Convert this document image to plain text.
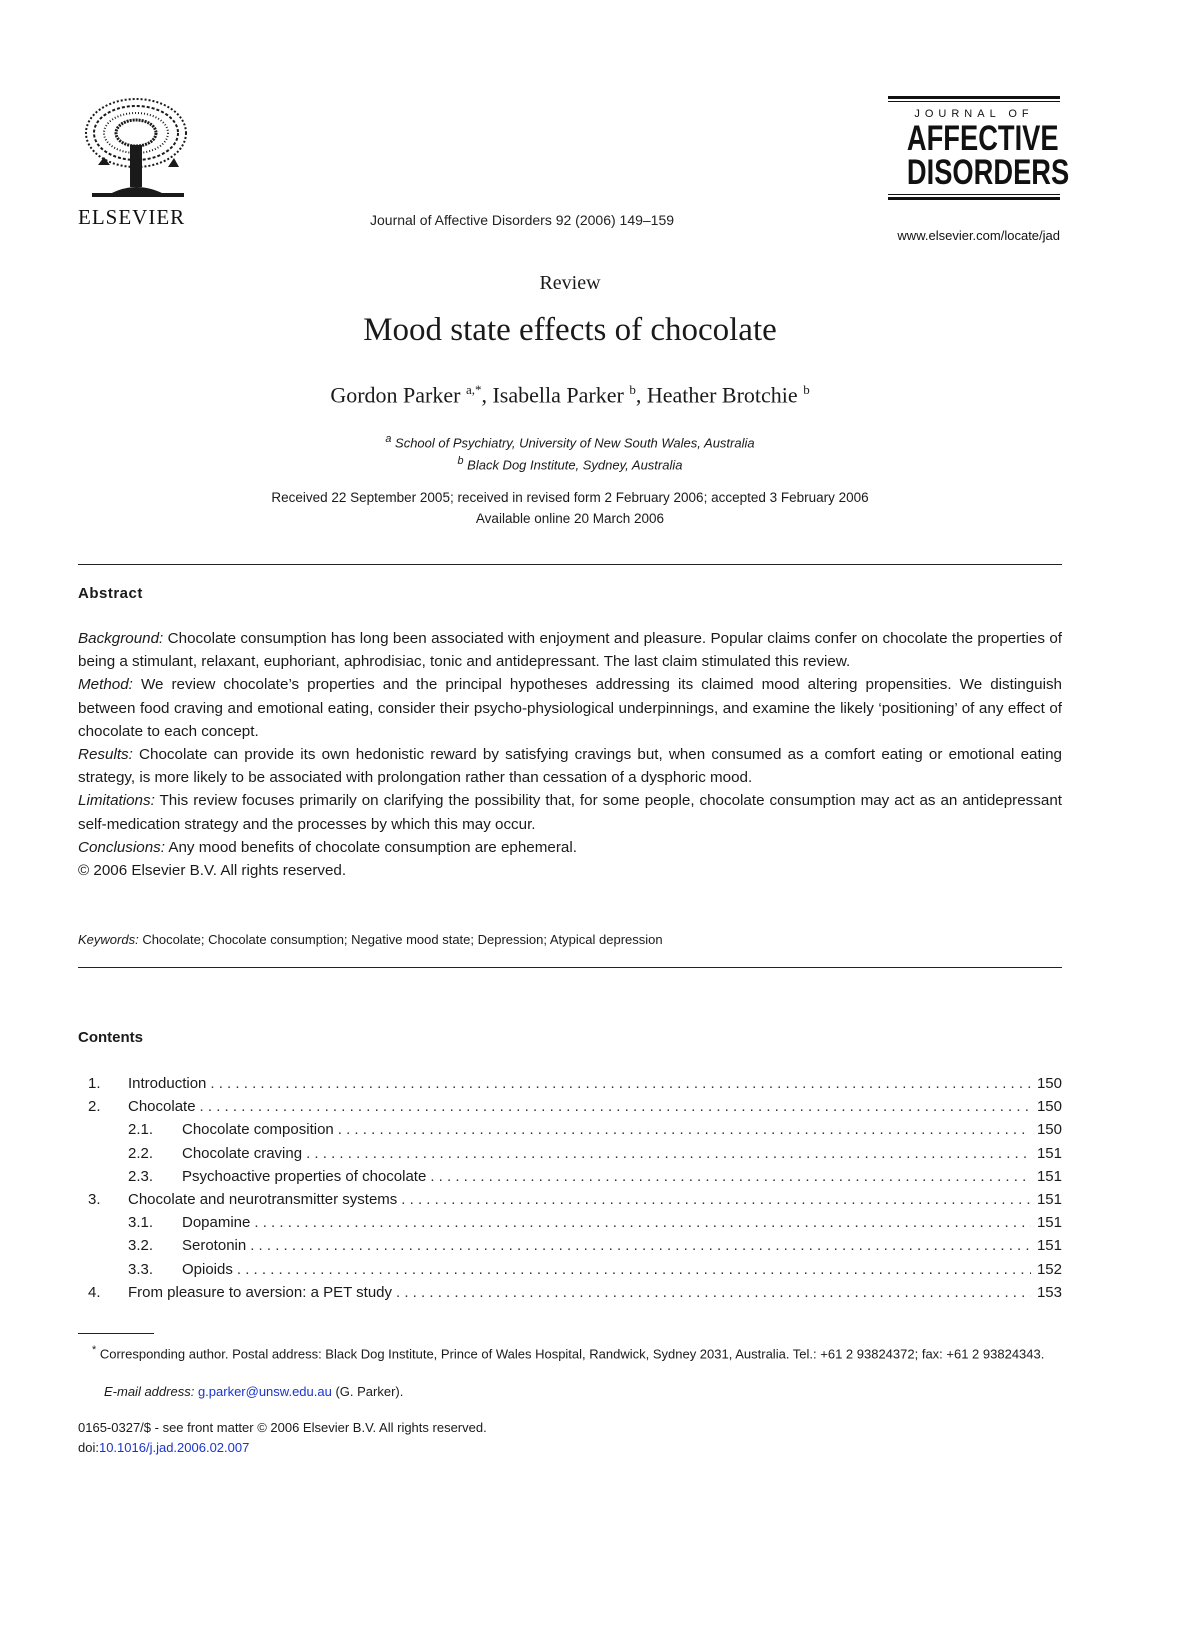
ELSEVIER	Journal of Affective Disorders 92 (2006) 149–159
JOURNAL OF
AFFECTIVE
DISORDERS
www.elsevier.com/locate/jad
Review
Mood state effects of chocolate
Gordon Parker $^{a,*}$, Isabella Parker $^b$, Heather Brotchie $^b$
$^a$ School of Psychiatry, University of New South Wales, Australia
$^b$ Black Dog Institute, Sydney, Australia
Received 22 September 2005; received in revised form 2 February 2006; accepted 3 February 2006
Available online 20 March 2006
Abstract

Background: Chocolate consumption has long been associated with enjoyment and pleasure. Popular claims confer on chocolate the properties of being a stimulant, relaxant, euphoriant, aphrodisiac, tonic and antidepressant. The last claim stimulated this review.

Method: We review chocolate’s properties and the principal hypotheses addressing its claimed mood altering propensities. We distinguish between food craving and emotional eating, consider their psycho-physiological underpinnings, and examine the likely ‘positioning’ of any effect of chocolate to each concept.

Results: Chocolate can provide its own hedonistic reward by satisfying cravings but, when consumed as a comfort eating or emotional eating strategy, is more likely to be associated with prolongation rather than cessation of a dysphoric mood.

Limitations: This review focuses primarily on clarifying the possibility that, for some people, chocolate consumption may act as an antidepressant self-medication strategy and the processes by which this may occur.

Conclusions: Any mood benefits of chocolate consumption are ephemeral.

© 2006 Elsevier B.V. All rights reserved.

Keywords: Chocolate; Chocolate consumption; Negative mood state; Depression; Atypical depression
Contents
1. Introduction . . .	150
2. Chocolate . . .	150
2.1. Chocolate composition . . .	150
2.2. Chocolate craving . . .	151
2.3. Psychoactive properties of chocolate . . .	151
3. Chocolate and neurotransmitter systems . . .	151
3.1. Dopamine . . .	151
3.2. Serotonin . . .	151
3.3. Opioids . . .	152
4. From pleasure to aversion: a PET study . . .	153
* Corresponding author. Postal address: Black Dog Institute, Prince of Wales Hospital, Randwick, Sydney 2031, Australia. Tel.: +61 2 93824372; fax: +61 2 93824343.
E-mail address: g.parker@unsw.edu.au (G. Parker).
0165-0327/$ - see front matter © 2006 Elsevier B.V. All rights reserved.
doi:10.1016/j.jad.2006.02.007
